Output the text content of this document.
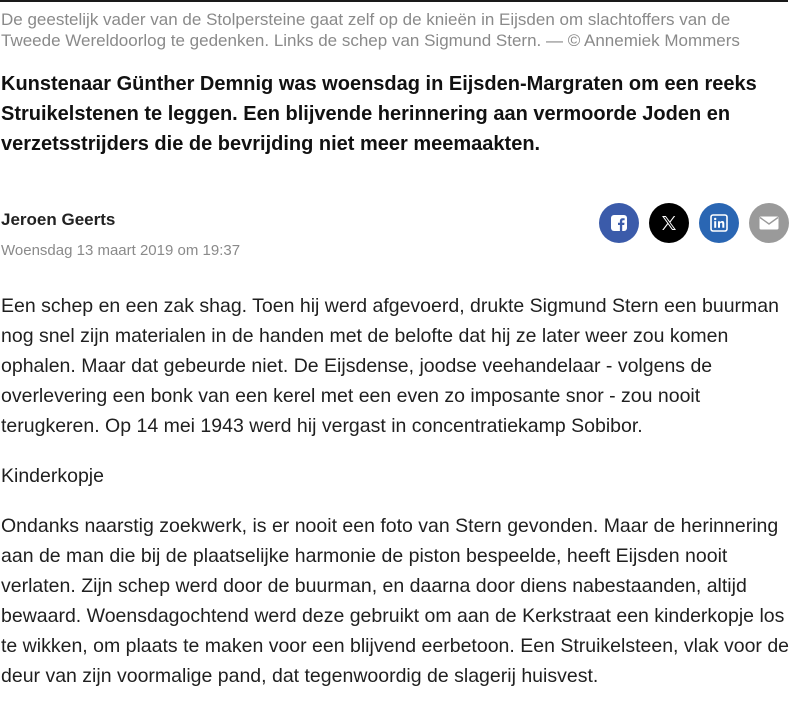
De geestelijk vader van de Stolpersteine gaat zelf op de knieën in Eijsden om slachtoffers van de Tweede Wereldoorlog te gedenken. Links de schep van Sigmund Stern. — © Annemiek Mommers

Kunstenaar Günther Demnig was woensdag in Eijsden-Margraten om een reeks Struikelstenen te leggen. Een blijvende herinnering aan vermoorde Joden en verzetsstrijders die de bevrijding niet meer meemaakten.

Jeroen Geerts

Woensdag 13 maart 2019 om 19:37

Een schep en een zak shag. Toen hij werd afgevoerd, drukte Sigmund Stern een buurman nog snel zijn materialen in de handen met de belofte dat hij ze later weer zou komen ophalen. Maar dat gebeurde niet. De Eijsdense, joodse veehandelaar - volgens de overlevering een bonk van een kerel met een even zo imposante snor - zou nooit terugkeren. Op 14 mei 1943 werd hij vergast in concentratiekamp Sobibor.

Kinderkopje

Ondanks naarstig zoekwerk, is er nooit een foto van Stern gevonden. Maar de herinnering aan de man die bij de plaatselijke harmonie de piston bespeelde, heeft Eijsden nooit verlaten. Zijn schep werd door de buurman, en daarna door diens nabestaanden, altijd bewaard. Woensdagochtend werd deze gebruikt om aan de Kerkstraat een kinderkopje los te wikken, om plaats te maken voor een blijvend eerbetoon. Een Struikelsteen, vlak voor de deur van zijn voormalige pand, dat tegenwoordig de slagerij huisvest.
